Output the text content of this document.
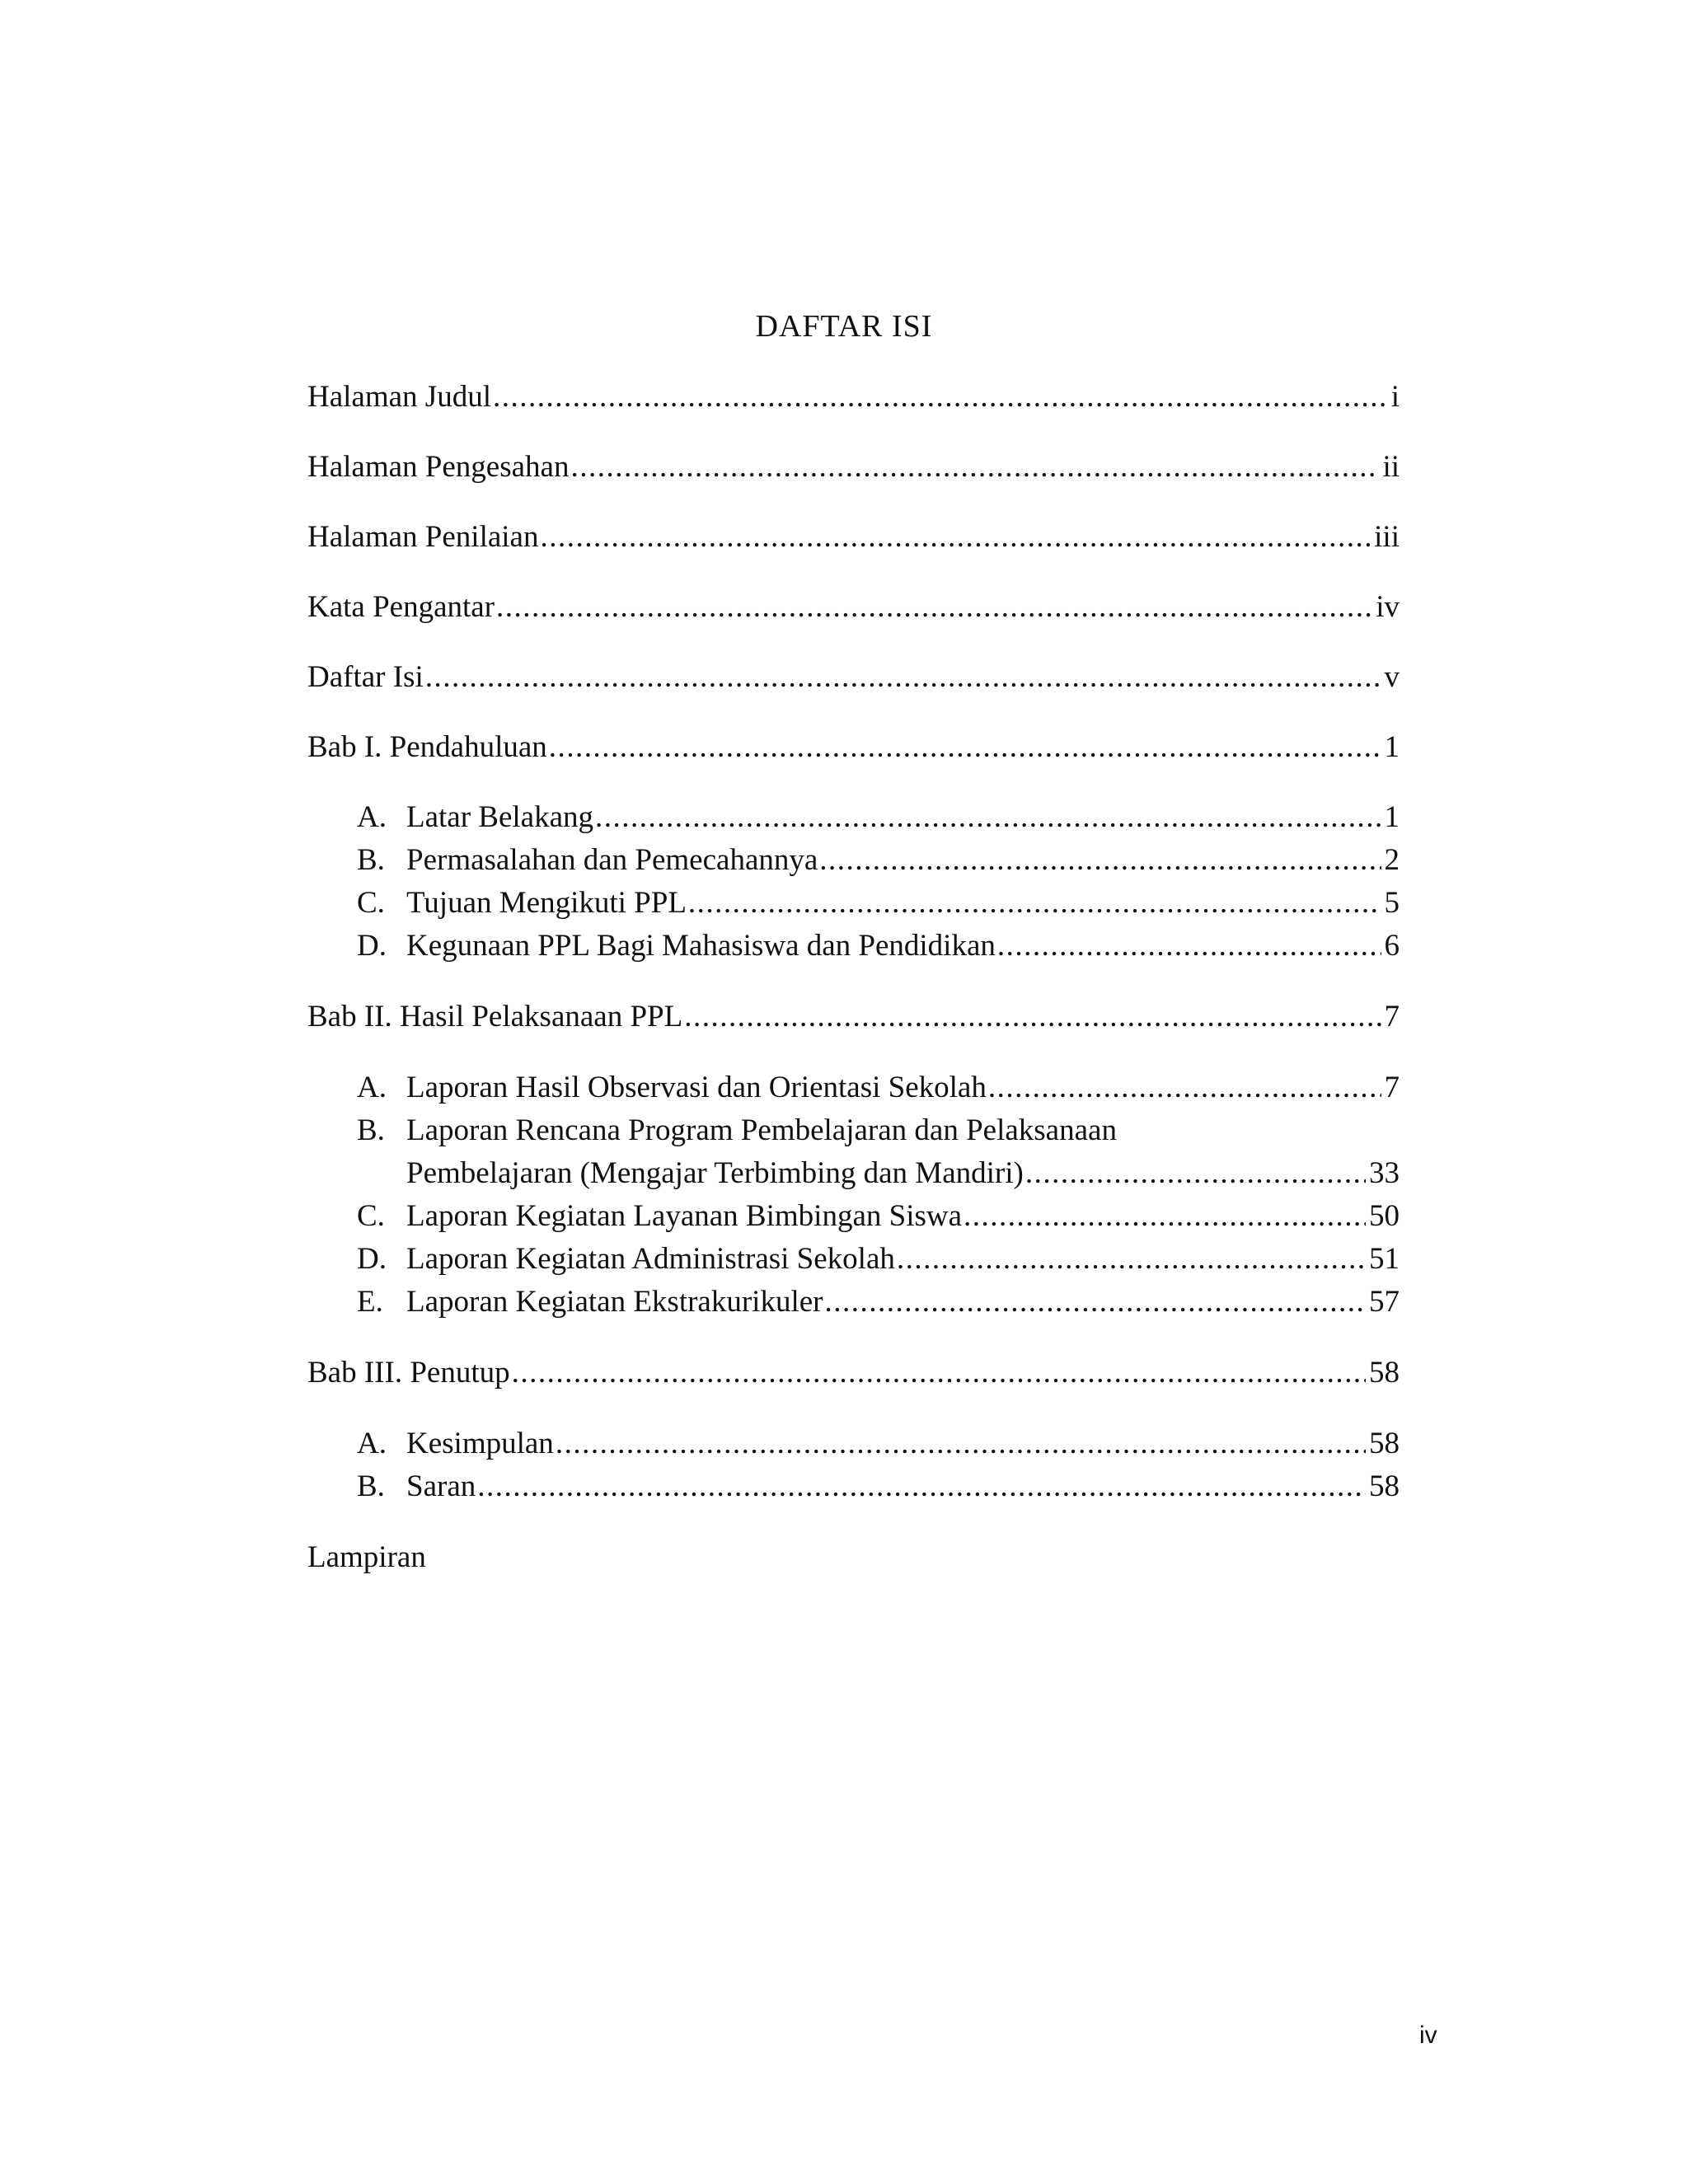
DAFTAR ISI
Halaman Judul .....	i
Halaman Pengesahan .....	ii
Halaman Penilaian .....	iii
Kata Pengantar .....	iv
Daftar Isi .....	v
Bab I. Pendahuluan .....	1
A. Latar Belakang .....	1
B. Permasalahan dan Pemecahannya .....	2
C. Tujuan Mengikuti PPL .....	5
D. Kegunaan PPL Bagi Mahasiswa dan Pendidikan .....	6
Bab II. Hasil Pelaksanaan PPL .....	7
A. Laporan Hasil Observasi dan Orientasi Sekolah .....	7
B. Laporan Rencana Program Pembelajaran dan Pelaksanaan
Pembelajaran (Mengajar Terbimbing dan Mandiri) .....	33
C. Laporan Kegiatan Layanan Bimbingan Siswa .....	50
D. Laporan Kegiatan Administrasi Sekolah .....	51
E. Laporan Kegiatan Ekstrakurikuler .....	57
Bab III. Penutup .....	58
A. Kesimpulan .....	58
B. Saran .....	58
Lampiran
iv
